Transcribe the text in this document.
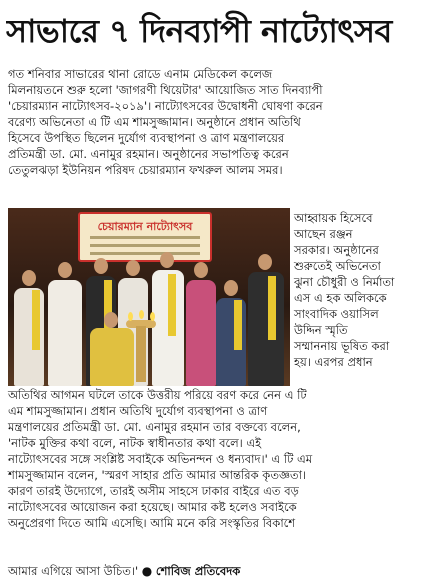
সাভারে ৭ দিনব্যাপী নাট্যোৎসব
গত শনিবার সাভারের থানা রোডে এনাম মেডিকেল কলেজ
মিলনায়তনে শুরু হলো 'জাগরণী থিয়েটার' আয়োজিত সাত দিনব্যাপী
'চেয়ারম্যান নাট্যোৎসব-২০১৯'। নাট্যোৎসবের উদ্বোধনী ঘোষণা করেন
বরেণ্য অভিনেতা এ টি এম শামসুজ্জামান। অনুষ্ঠানে প্রধান অতিথি
হিসেবে উপস্থিত ছিলেন দুর্যোগ ব্যবস্থাপনা ও ত্রাণ মন্ত্রণালয়ের
প্রতিমন্ত্রী ডা. মো. এনামুর রহমান। অনুষ্ঠানের সভাপতিত্ব করেন
তেতুলঝড়া ইউনিয়ন পরিষদ চেয়ারম্যান ফখরুল আলম সমর।
চেয়ারম্যান নাট্যোৎসব
আহ্বায়ক হিসেবে
আছেন রঞ্জন
সরকার। অনুষ্ঠানের
শুরুতেই অভিনেতা
ঝুনা চৌধুরী ও নির্মাতা
এস এ হক অলিককে
সাংবাদিক ওয়াসিল
উদ্দিন স্মৃতি
সম্মাননায় ভূষিত করা
হয়। এরপর প্রধান
অতিথির আগমন ঘটলে তাকে উত্তরীয় পরিয়ে বরণ করে নেন এ টি
এম শামসুজ্জামান। প্রধান অতিথি দুর্যোগ ব্যবস্থাপনা ও ত্রাণ
মন্ত্রণালয়ের প্রতিমন্ত্রী ডা. মো. এনামুর রহমান তার বক্তব্যে বলেন,
'নাটক মুক্তির কথা বলে, নাটক স্বাধীনতার কথা বলে। এই
নাট্যোৎসবের সঙ্গে সংশ্লিষ্ট সবাইকে অভিনন্দন ও ধন্যবাদ।' এ টি এম
শামসুজ্জামান বলেন, 'স্মরণ সাহার প্রতি আমার আন্তরিক কৃতজ্ঞতা।
কারণ তারই উদ্যোগে, তারই অসীম সাহসে ঢাকার বাইরে এত বড়
নাট্যোৎসবের আয়োজন করা হয়েছে। আমার কষ্ট হলেও সবাইকে
অনুপ্রেরণা দিতে আমি এসেছি। আমি মনে করি সংস্কৃতির বিকাশে
আমার এগিয়ে আসা উচিত।' ● শোবিজ প্রতিবেদক
